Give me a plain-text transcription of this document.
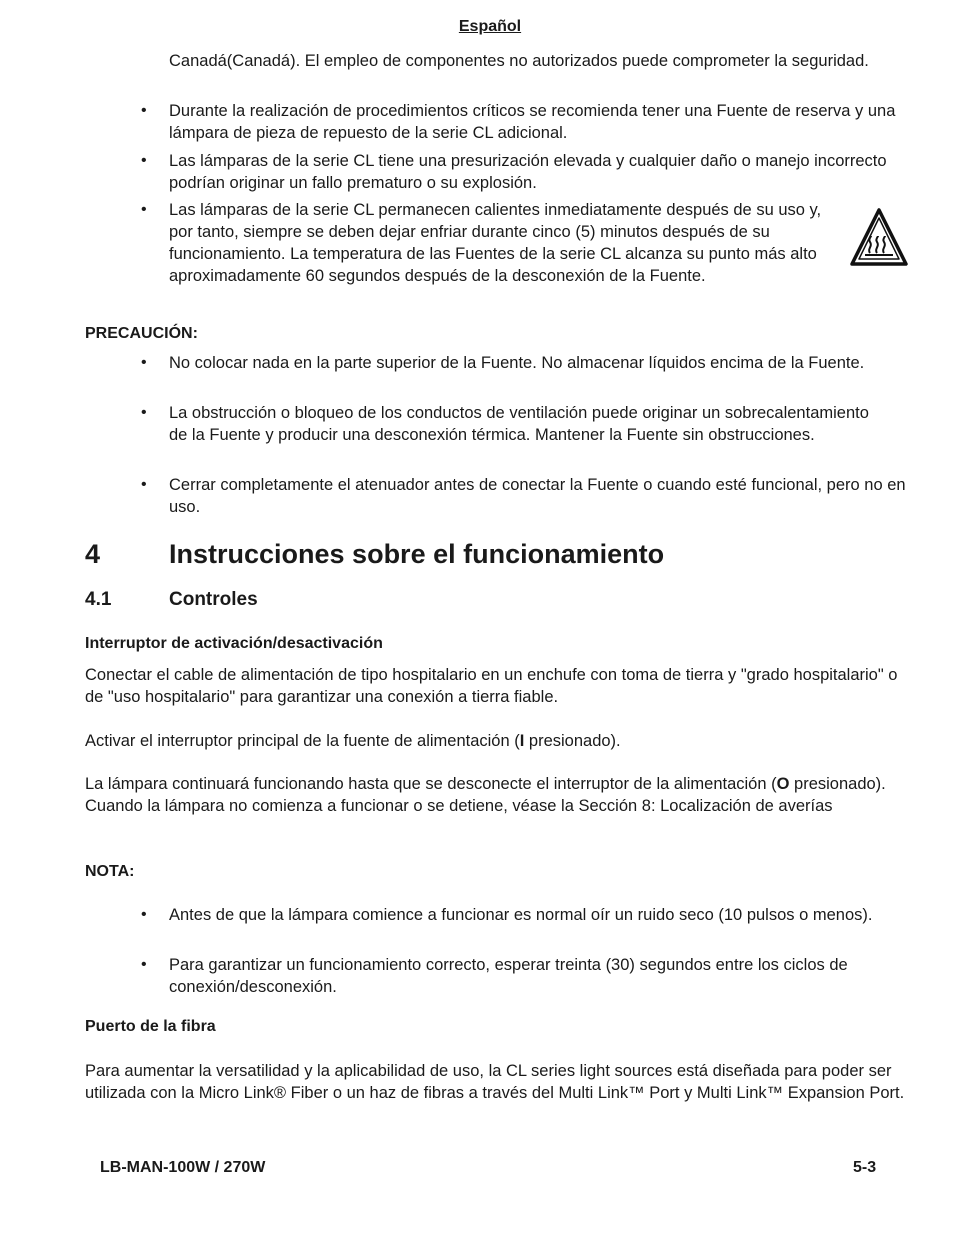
Español
Canadá(Canadá). El empleo de componentes no autorizados puede comprometer la seguridad.
• Durante la realización de procedimientos críticos se recomienda tener una Fuente de reserva y una lámpara de pieza de repuesto de la serie CL adicional.
• Las lámparas de la serie CL tiene una presurización elevada y cualquier daño o manejo incorrecto podrían originar un fallo prematuro o su explosión.
• Las lámparas de la serie CL permanecen calientes inmediatamente después de su uso y, por tanto, siempre se deben dejar enfriar durante cinco (5) minutos después de su funcionamiento. La temperatura de las Fuentes de la serie CL alcanza su punto más alto aproximadamente 60 segundos después de la desconexión de la Fuente.
PRECAUCIÓN:
• No colocar nada en la parte superior de la Fuente. No almacenar líquidos encima de la Fuente.
• La obstrucción o bloqueo de los conductos de ventilación puede originar un sobrecalentamiento de la Fuente y producir una desconexión térmica. Mantener la Fuente sin obstrucciones.
• Cerrar completamente el atenuador antes de conectar la Fuente o cuando esté funcional, pero no en uso.
4	Instrucciones sobre el funcionamiento
4.1	Controles
Interruptor de activación/desactivación
Conectar el cable de alimentación de tipo hospitalario en un enchufe con toma de tierra y "grado hospitalario" o de "uso hospitalario" para garantizar una conexión a tierra fiable.
Activar el interruptor principal de la fuente de alimentación (I presionado).
La lámpara continuará funcionando hasta que se desconecte el interruptor de la alimentación (O presionado). Cuando la lámpara no comienza a funcionar o se detiene, véase la Sección 8: Localización de averías
NOTA:
• Antes de que la lámpara comience a funcionar es normal oír un ruido seco (10 pulsos o menos).
• Para garantizar un funcionamiento correcto, esperar treinta (30) segundos entre los ciclos de conexión/desconexión.
Puerto de la fibra
Para aumentar la versatilidad y la aplicabilidad de uso, la CL series light sources está diseñada para poder ser utilizada con la Micro Link® Fiber o un haz de fibras a través del Multi Link™ Port y Multi Link™ Expansion Port.
LB-MAN-100W / 270W	5-3
